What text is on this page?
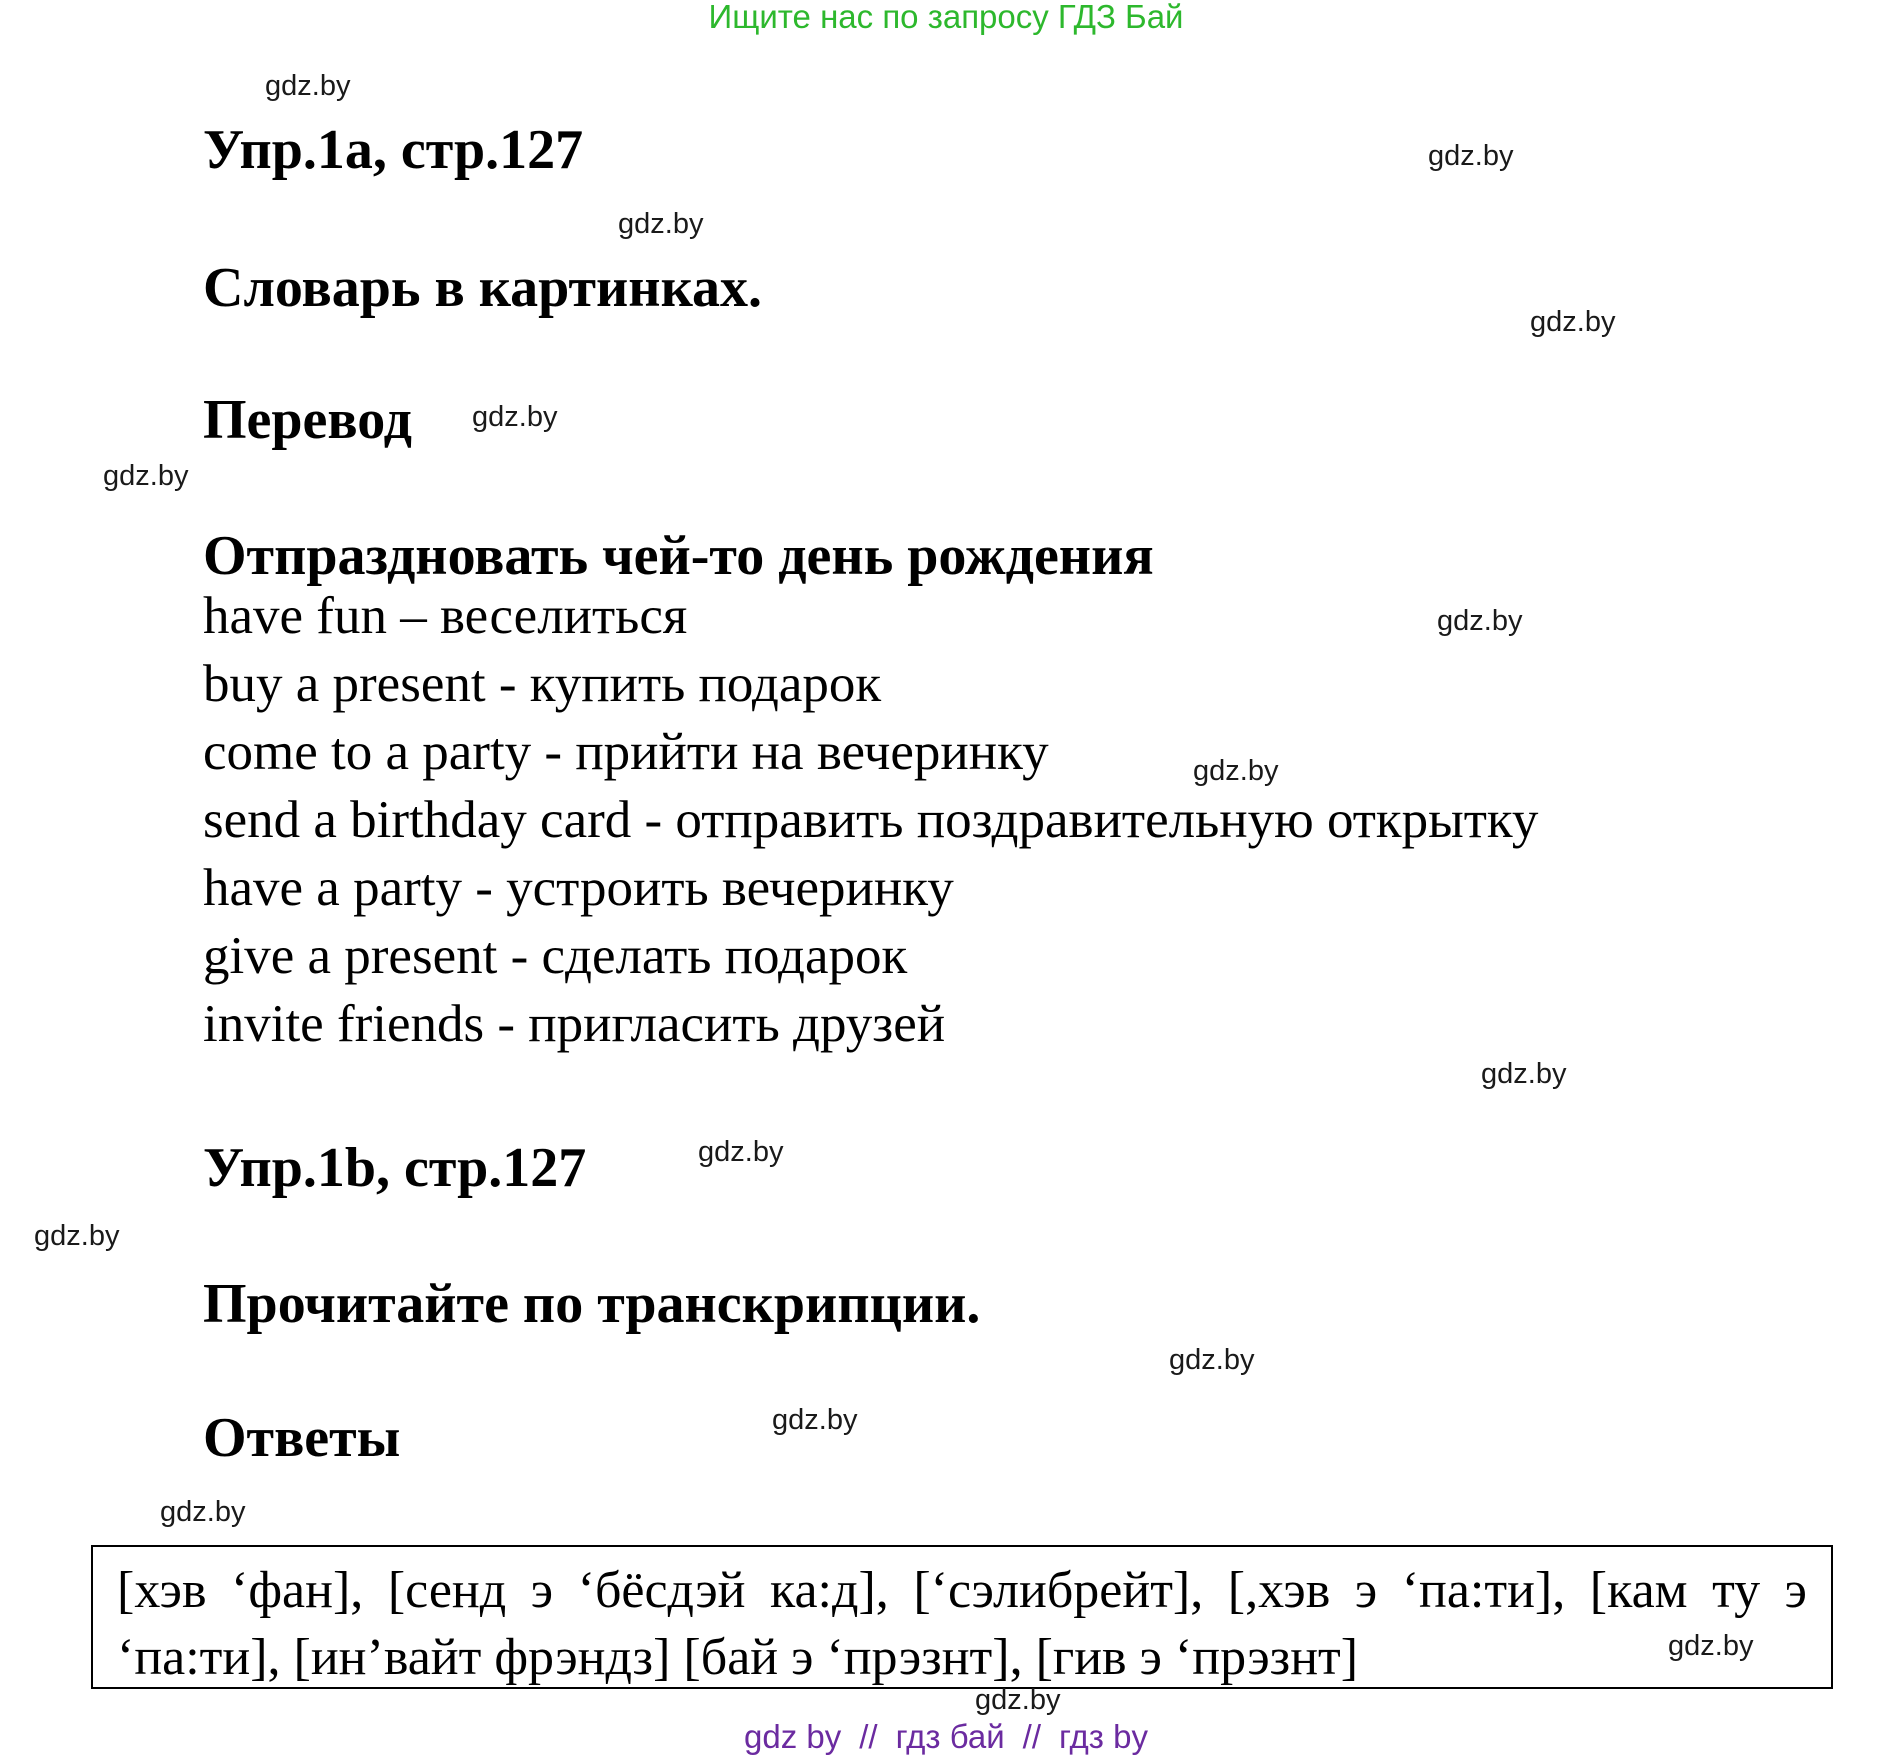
Ищите нас по запросу ГДЗ Бай
Упр.1а, стр.127
Словарь в картинках.
Перевод
Отпраздновать чей-то день рождения
have fun – веселиться
buy a present - купить подарок
come to a party - прийти на вечеринку
send a birthday card - отправить поздравительную открытку
have a party - устроить вечеринку
give a present - сделать подарок
invite friends - пригласить друзей
Упр.1b, стр.127
Прочитайте по транскрипции.
Ответы
[хэв ‘фан], [сенд э ‘бёсдэй ка:д], [‘сэлибрейт], [,хэв э ‘па:ти], [кам ту э ‘па:ти], [ин’вайт фрэндз] [бай э ‘прэзнт], [гив э ‘прэзнт]
gdz.by
gdz.by
gdz.by
gdz.by
gdz.by
gdz.by
gdz.by
gdz.by
gdz.by
gdz.by
gdz.by
gdz.by
gdz.by
gdz.by
gdz.by
gdz.by
gdz by // гдз бай // гдз by
